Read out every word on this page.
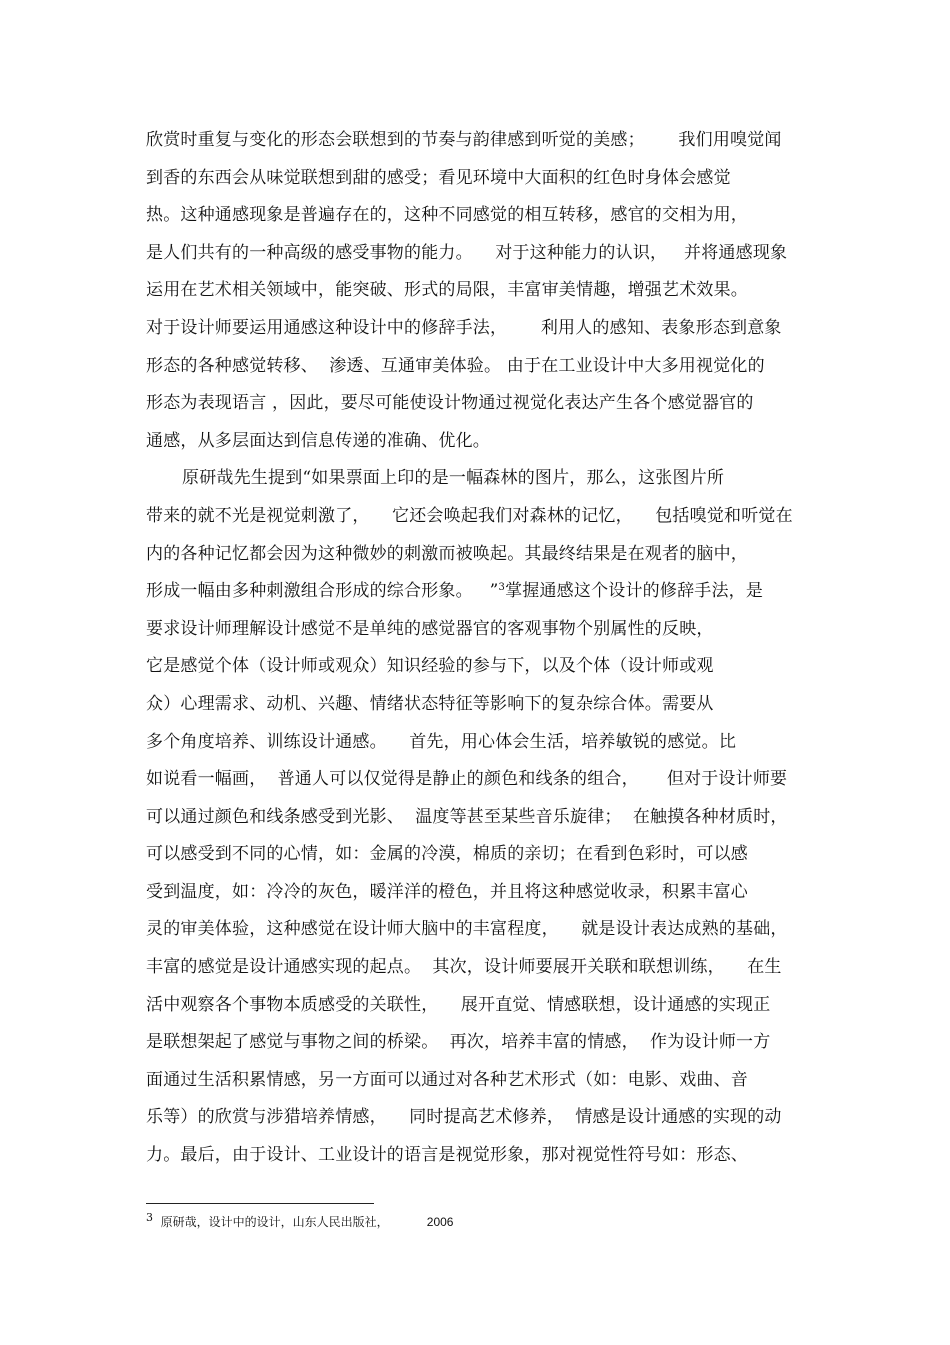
欣赏时重复与变化的形态会联想到的节奏与韵律感到听觉的美感；      我们用嗅觉闻
到香的东西会从味觉联想到甜的感受；看见环境中大面积的红色时身体会感觉
热。这种通感现象是普遍存在的，这种不同感觉的相互转移，感官的交相为用，
是人们共有的一种高级的感受事物的能力。    对于这种能力的认识，   并将通感现象
运用在艺术相关领域中，能突破、形式的局限，丰富审美情趣，增强艺术效果。
对于设计师要运用通感这种设计中的修辞手法，      利用人的感知、表象形态到意象
形态的各种感觉转移、  渗透、互通审美体验。 由于在工业设计中大多用视觉化的
形态为表现语言 ，因此，要尽可能使设计物通过视觉化表达产生各个感觉器官的
通感，从多层面达到信息传递的准确、优化。
原研哉先生提到“如果票面上印的是一幅森林的图片，那么，这张图片所
带来的就不光是视觉刺激了，    它还会唤起我们对森林的记忆，    包括嗅觉和听觉在
内的各种记忆都会因为这种微妙的刺激而被唤起。其最终结果是在观者的脑中，
形成一幅由多种刺激组合形成的综合形象。   ”$^3$掌握通感这个设计的修辞手法，是
要求设计师理解设计感觉不是单纯的感觉器官的客观事物个别属性的反映，
它是感觉个体（设计师或观众）知识经验的参与下，以及个体（设计师或观
众）心理需求、动机、兴趣、情绪状态特征等影响下的复杂综合体。需要从
多个角度培养、训练设计通感。    首先，用心体会生活，培养敏锐的感觉。比
如说看一幅画，  普通人可以仅觉得是静止的颜色和线条的组合，     但对于设计师要
可以通过颜色和线条感受到光影、  温度等甚至某些音乐旋律；  在触摸各种材质时，
可以感受到不同的心情，如：金属的冷漠，棉质的亲切；在看到色彩时，可以感
受到温度，如：冷冷的灰色，暖洋洋的橙色，并且将这种感觉收录，积累丰富心
灵的审美体验，这种感觉在设计师大脑中的丰富程度，    就是设计表达成熟的基础，
丰富的感觉是设计通感实现的起点。  其次，设计师要展开关联和联想训练，    在生
活中观察各个事物本质感受的关联性，    展开直觉、情感联想，设计通感的实现正
是联想架起了感觉与事物之间的桥梁。  再次，培养丰富的情感，  作为设计师一方
面通过生活积累情感，另一方面可以通过对各种艺术形式（如：电影、戏曲、音
乐等）的欣赏与涉猎培养情感，    同时提高艺术修养，  情感是设计通感的实现的动
力。最后，由于设计、工业设计的语言是视觉形象，那对视觉性符号如：形态、
$^3$  原研哉，设计中的设计，山东人民出版社，          2006
